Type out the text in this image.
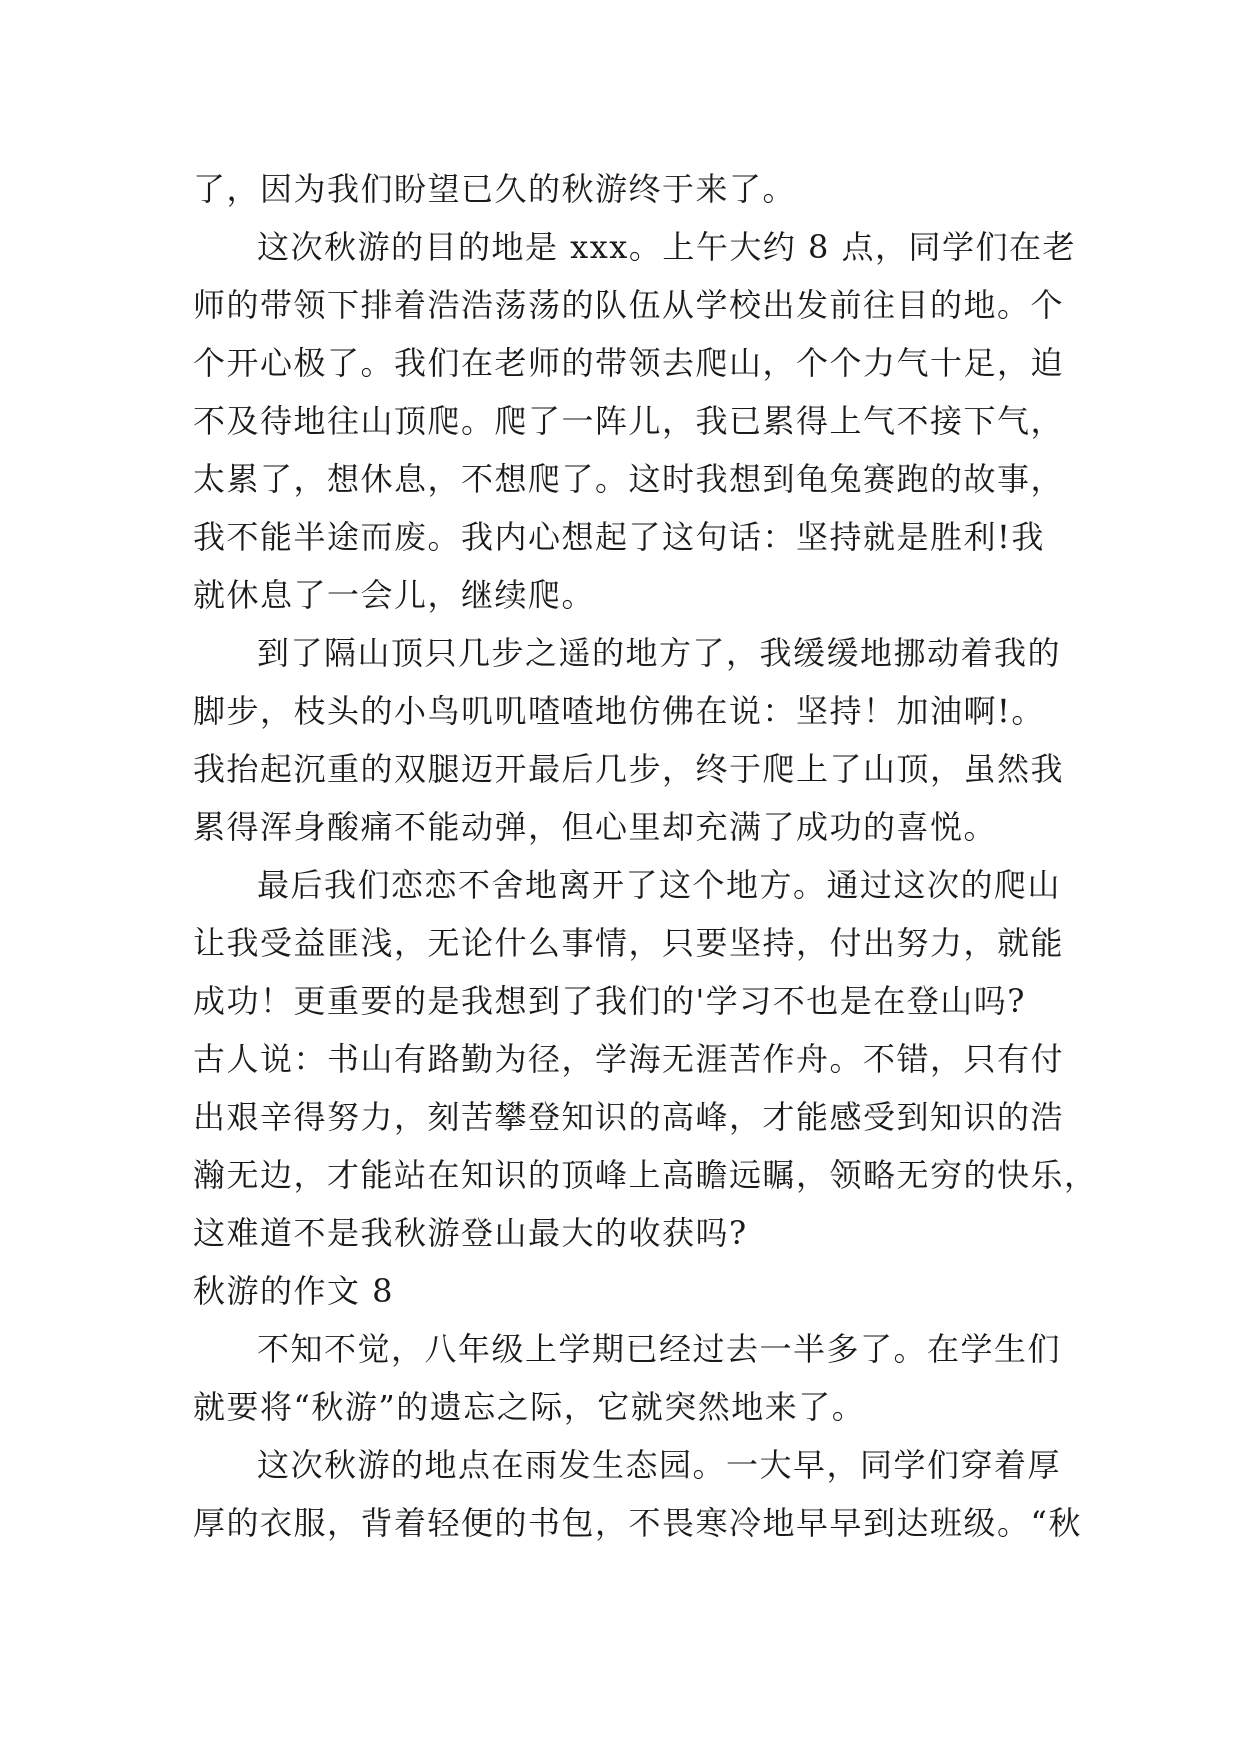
了，因为我们盼望已久的秋游终于来了。
这次秋游的目的地是 xxx。上午大约 8 点，同学们在老
师的带领下排着浩浩荡荡的队伍从学校出发前往目的地。个
个开心极了。我们在老师的带领去爬山，个个力气十足，迫
不及待地往山顶爬。爬了一阵儿，我已累得上气不接下气，
太累了，想休息，不想爬了。这时我想到龟兔赛跑的故事，
我不能半途而废。我内心想起了这句话：坚持就是胜利!我
就休息了一会儿，继续爬。
到了隔山顶只几步之遥的地方了，我缓缓地挪动着我的
脚步，枝头的小鸟叽叽喳喳地仿佛在说：坚持！加油啊!。
我抬起沉重的双腿迈开最后几步，终于爬上了山顶，虽然我
累得浑身酸痛不能动弹，但心里却充满了成功的喜悦。
最后我们恋恋不舍地离开了这个地方。通过这次的爬山
让我受益匪浅，无论什么事情，只要坚持，付出努力，就能
成功！更重要的是我想到了我们的'学习不也是在登山吗?
古人说：书山有路勤为径，学海无涯苦作舟。不错，只有付
出艰辛得努力，刻苦攀登知识的高峰，才能感受到知识的浩
瀚无边，才能站在知识的顶峰上高瞻远瞩，领略无穷的快乐，
这难道不是我秋游登山最大的收获吗?
秋游的作文 8
不知不觉，八年级上学期已经过去一半多了。在学生们
就要将“秋游”的遗忘之际，它就突然地来了。
这次秋游的地点在雨发生态园。一大早，同学们穿着厚
厚的衣服，背着轻便的书包，不畏寒冷地早早到达班级。“秋
